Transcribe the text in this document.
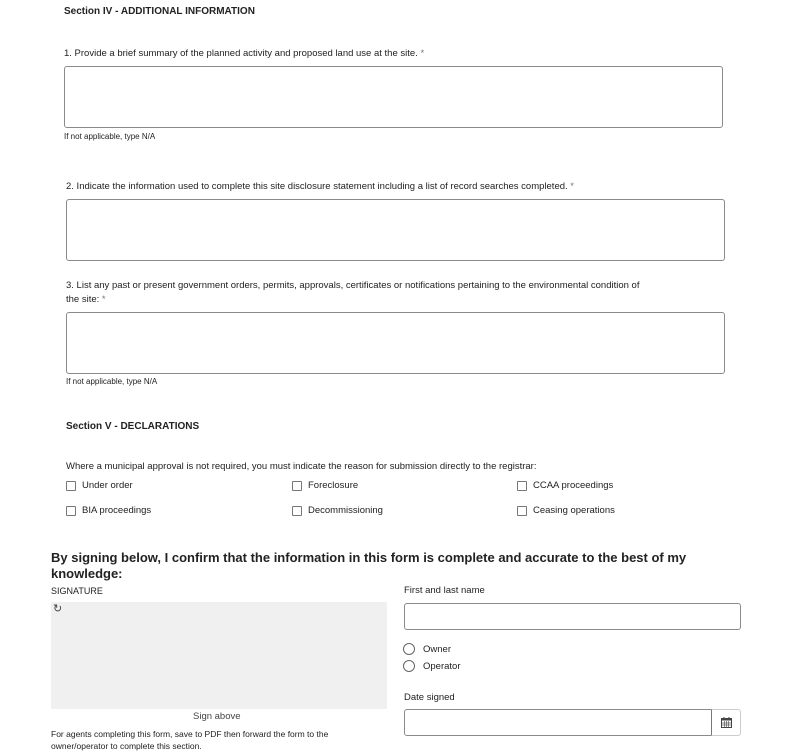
Section IV - ADDITIONAL INFORMATION
1. Provide a brief summary of the planned activity and proposed land use at the site. *
If not applicable, type N/A
2. Indicate the information used to complete this site disclosure statement including a list of record searches completed. *
3. List any past or present government orders, permits, approvals, certificates or notifications pertaining to the environmental condition of
the site: *
If not applicable, type N/A
Section V - DECLARATIONS
Where a municipal approval is not required, you must indicate the reason for submission directly to the registrar:
Under order	Foreclosure	CCAA proceedings
BIA proceedings	Decommissioning	Ceasing operations
By signing below, I confirm that the information in this form is complete and accurate to the best of my
knowledge:
SIGNATURE
↻
Sign above
For agents completing this form, save to PDF then forward the form to the
owner/operator to complete this section.
First and last name
Owner
Operator
Date signed
